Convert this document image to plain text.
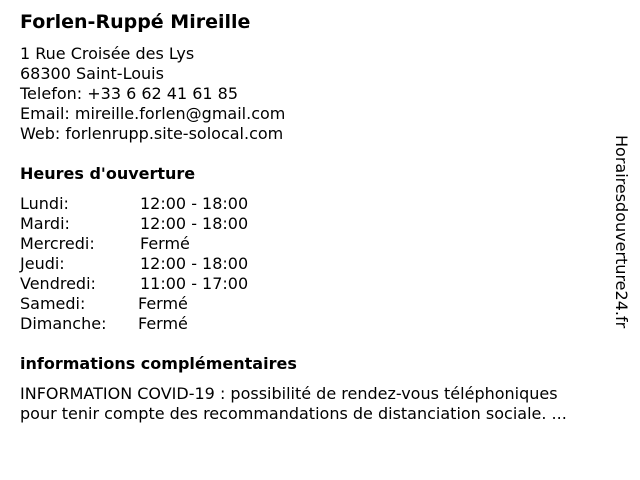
Forlen-Ruppé Mireille
1 Rue Croisée des Lys
68300 Saint-Louis
Telefon: +33 6 62 41 61 85
Email: mireille.forlen@gmail.com
Web: forlenrupp.site-solocal.com
Heures d'ouverture
Lundi:	12:00 - 18:00
Mardi:	12:00 - 18:00
Mercredi:	Fermé
Jeudi:	12:00 - 18:00
Vendredi:	11:00 - 17:00
Samedi:	Fermé
Dimanche: Fermé
informations complémentaires
INFORMATION COVID-19 : possibilité de rendez-vous téléphoniques
pour tenir compte des recommandations de distanciation sociale. ...
Horairesdouverture24.fr
